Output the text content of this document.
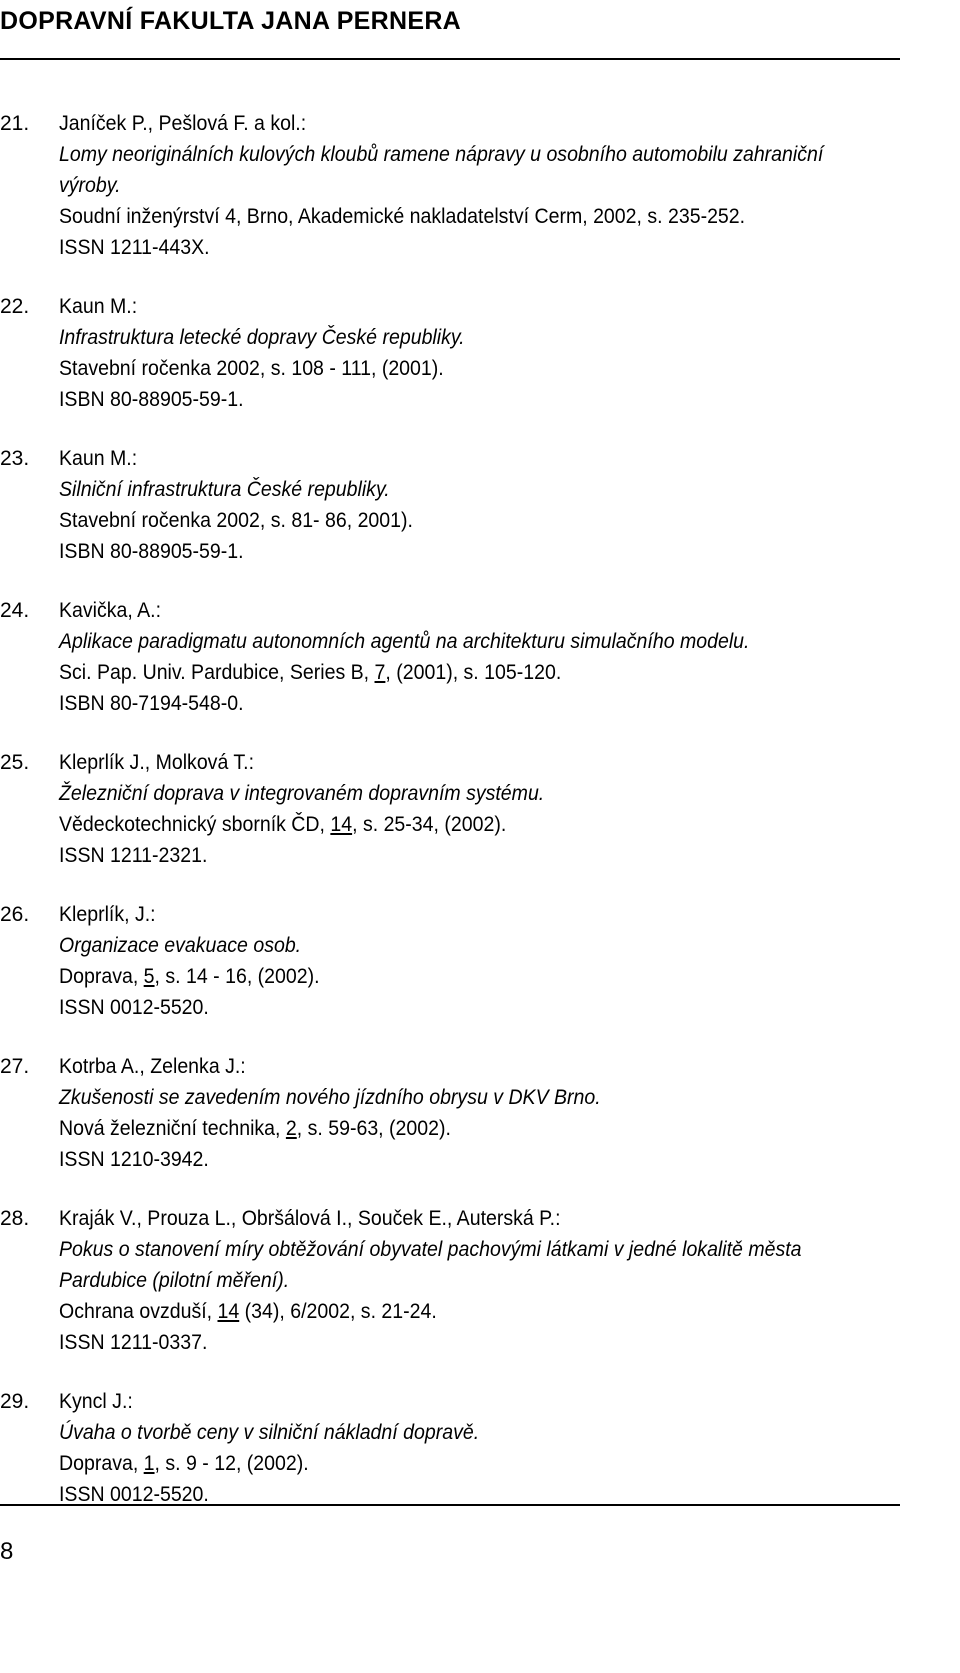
DOPRAVNÍ FAKULTA JANA PERNERA
21. Janíček P., Pešlová F. a kol.:
Lomy neoriginálních kulových kloubů ramene nápravy u osobního automobilu zahraniční výroby.
Soudní inženýrství 4, Brno, Akademické nakladatelství Cerm, 2002, s. 235-252.
ISSN 1211-443X.
22. Kaun M.:
Infrastruktura letecké dopravy České republiky.
Stavební ročenka 2002, s. 108 - 111, (2001).
ISBN 80-88905-59-1.
23. Kaun M.:
Silniční infrastruktura České republiky.
Stavební ročenka 2002, s. 81- 86, 2001).
ISBN 80-88905-59-1.
24. Kavička, A.:
Aplikace paradigmatu autonomních agentů na architekturu simulačního modelu.
Sci. Pap. Univ. Pardubice, Series B, 7, (2001), s. 105-120.
ISBN 80-7194-548-0.
25. Kleprlík J., Molková T.:
Železniční doprava v integrovaném dopravním systému.
Vědeckotechnický sborník ČD, 14, s. 25-34, (2002).
ISSN 1211-2321.
26. Kleprlík, J.:
Organizace evakuace osob.
Doprava, 5, s. 14 - 16, (2002).
ISSN 0012-5520.
27. Kotrba A., Zelenka J.:
Zkušenosti se zavedením nového jízdního obrysu v DKV Brno.
Nová železniční technika, 2, s. 59-63, (2002).
ISSN 1210-3942.
28. Kraják V., Prouza L., Obršálová I., Souček E., Auterská P.:
Pokus o stanovení míry obtěžování obyvatel pachovými látkami v jedné lokalitě města Pardubice (pilotní měření).
Ochrana ovzduší, 14 (34), 6/2002, s. 21-24.
ISSN 1211-0337.
29. Kyncl J.:
Úvaha o tvorbě ceny v silniční nákladní dopravě.
Doprava, 1, s. 9 - 12, (2002).
ISSN 0012-5520.
8
